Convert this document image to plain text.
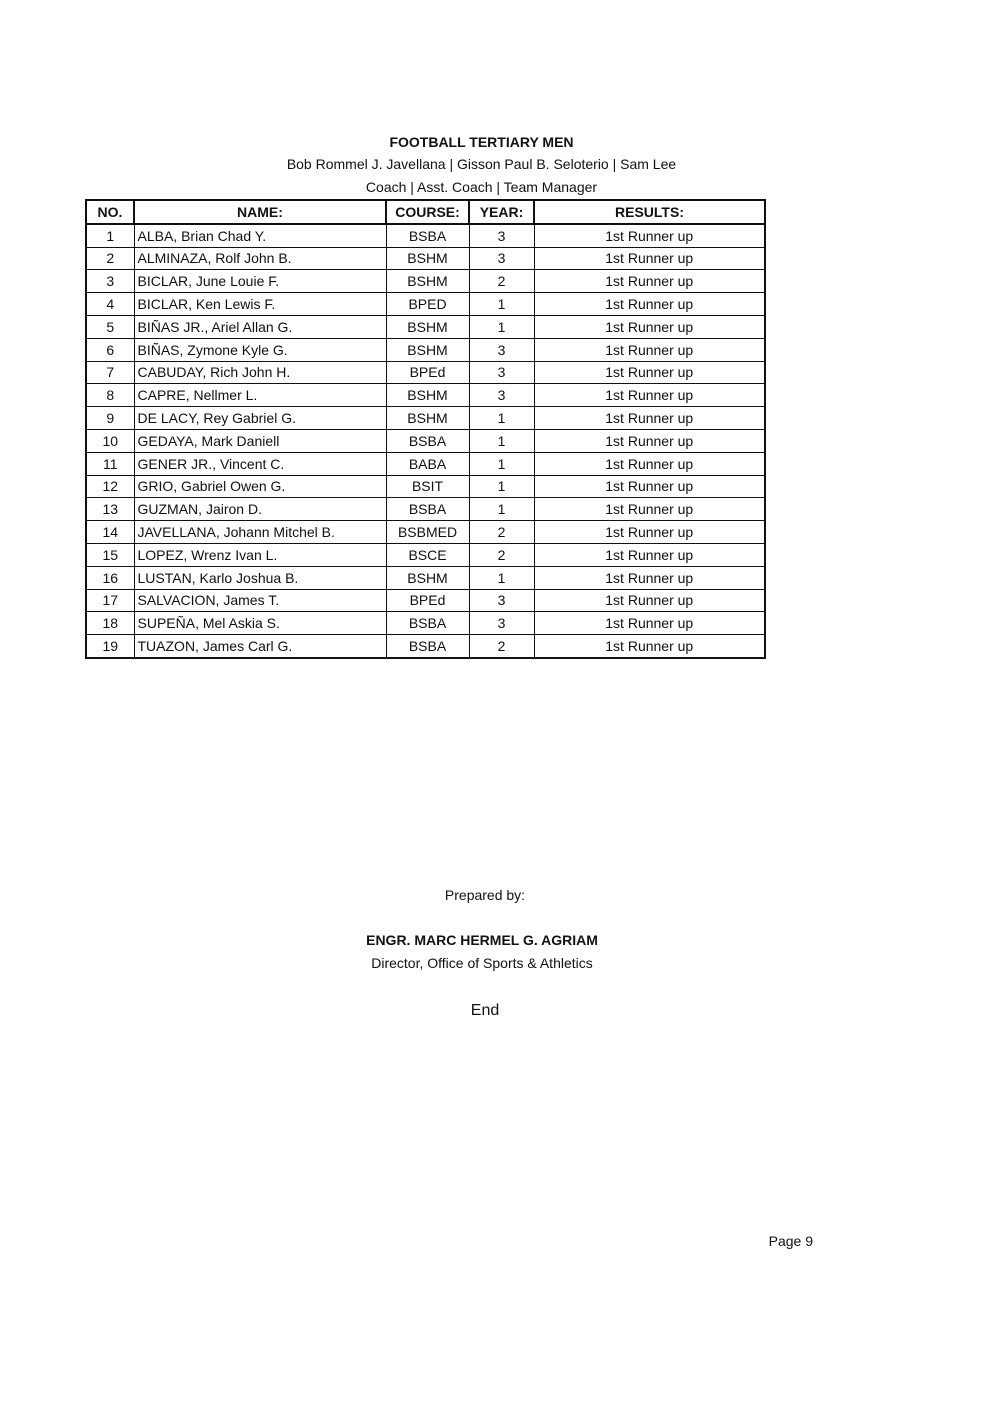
FOOTBALL TERTIARY MEN
Bob Rommel J. Javellana | Gisson Paul B. Seloterio | Sam Lee
Coach | Asst. Coach | Team Manager
NO.	NAME:	COURSE:	YEAR:	RESULTS:
1	ALBA, Brian Chad Y.	BSBA	3	1st Runner up
2	ALMINAZA, Rolf John B.	BSHM	3	1st Runner up
3	BICLAR, June Louie F.	BSHM	2	1st Runner up
4	BICLAR, Ken Lewis F.	BPED	1	1st Runner up
5	BIÑAS JR., Ariel Allan G.	BSHM	1	1st Runner up
6	BIÑAS, Zymone Kyle G.	BSHM	3	1st Runner up
7	CABUDAY, Rich John H.	BPEd	3	1st Runner up
8	CAPRE, Nellmer L.	BSHM	3	1st Runner up
9	DE LACY, Rey Gabriel G.	BSHM	1	1st Runner up
10	GEDAYA, Mark Daniell	BSBA	1	1st Runner up
11	GENER JR., Vincent C.	BABA	1	1st Runner up
12	GRIO, Gabriel Owen G.	BSIT	1	1st Runner up
13	GUZMAN, Jairon D.	BSBA	1	1st Runner up
14	JAVELLANA, Johann Mitchel B.	BSBMED	2	1st Runner up
15	LOPEZ, Wrenz Ivan L.	BSCE	2	1st Runner up
16	LUSTAN, Karlo Joshua B.	BSHM	1	1st Runner up
17	SALVACION, James T.	BPEd	3	1st Runner up
18	SUPEÑA, Mel Askia S.	BSBA	3	1st Runner up
19	TUAZON, James Carl G.	BSBA	2	1st Runner up
Prepared by:
ENGR. MARC HERMEL G. AGRIAM
Director, Office of Sports & Athletics
End
Page 9
